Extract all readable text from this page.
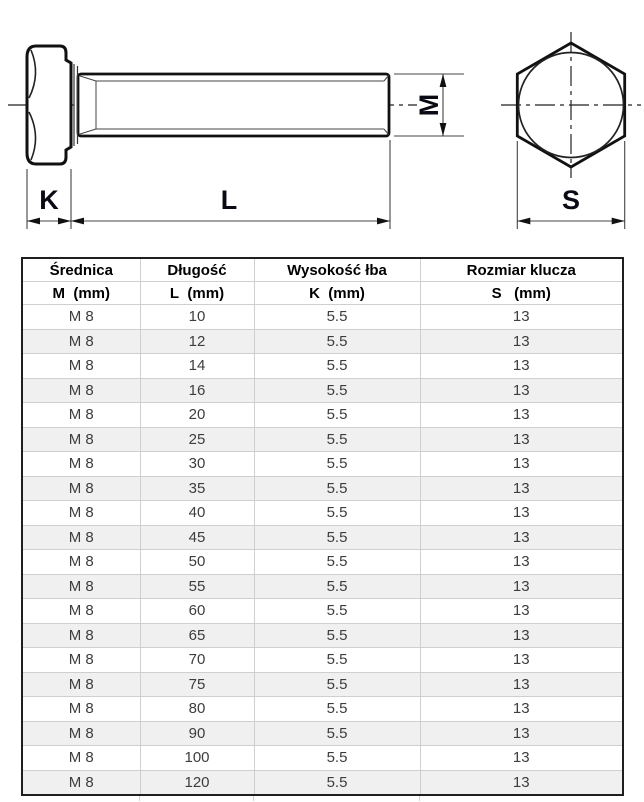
K	L
M
S
Średnica	Długość	Wysokość łba	Rozmiar klucza
M  (mm)	L  (mm)	K  (mm)	S   (mm)
M 8	10	5.5	13
M 8	12	5.5	13
M 8	14	5.5	13
M 8	16	5.5	13
M 8	20	5.5	13
M 8	25	5.5	13
M 8	30	5.5	13
M 8	35	5.5	13
M 8	40	5.5	13
M 8	45	5.5	13
M 8	50	5.5	13
M 8	55	5.5	13
M 8	60	5.5	13
M 8	65	5.5	13
M 8	70	5.5	13
M 8	75	5.5	13
M 8	80	5.5	13
M 8	90	5.5	13
M 8	100	5.5	13
M 8	120	5.5	13
